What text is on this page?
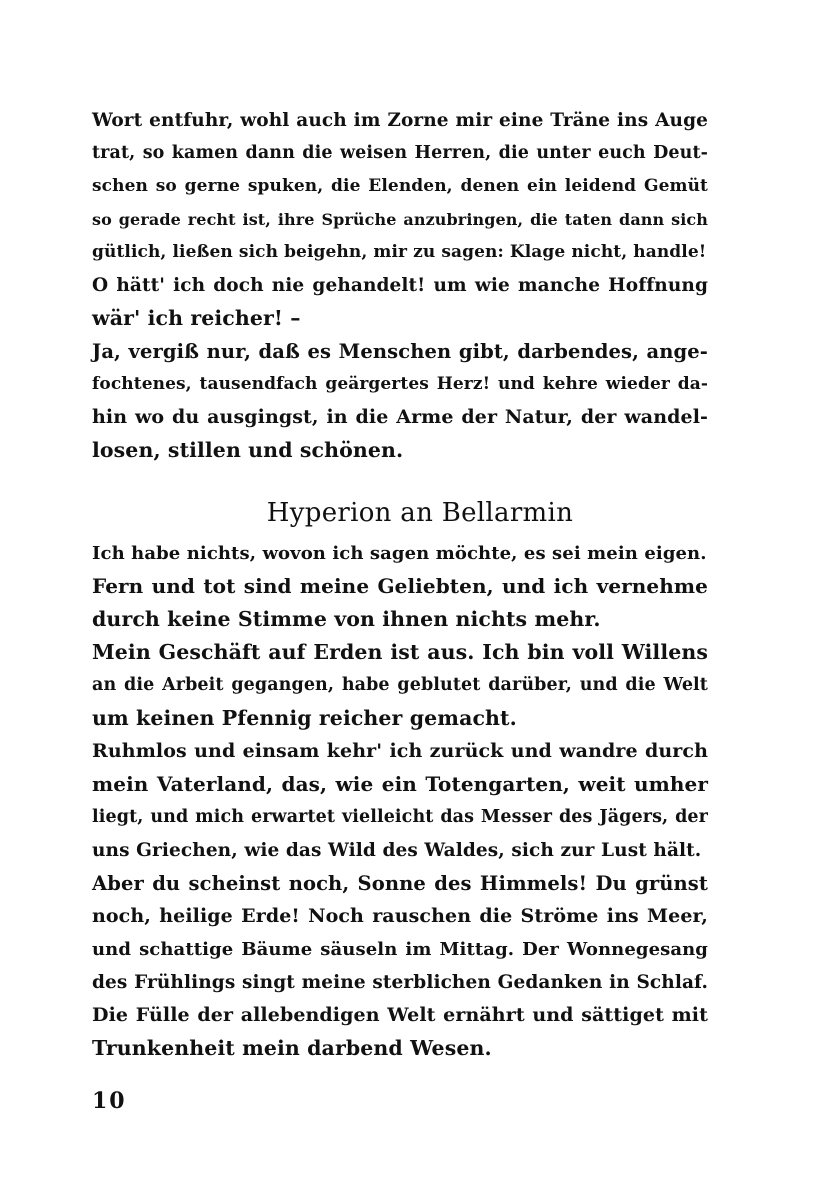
Wort entfuhr, wohl auch im Zorne mir eine Träne ins Auge
trat, so kamen dann die weisen Herren, die unter euch Deut-
schen so gerne spuken, die Elenden, denen ein leidend Gemüt
so gerade recht ist, ihre Sprüche anzubringen, die taten dann sich
gütlich, ließen sich beigehn, mir zu sagen: Klage nicht, handle!
O hätt' ich doch nie gehandelt! um wie manche Hoffnung
wär' ich reicher! –
Ja, vergiß nur, daß es Menschen gibt, darbendes, ange-
fochtenes, tausendfach geärgertes Herz! und kehre wieder da-
hin wo du ausgingst, in die Arme der Natur, der wandel-
losen, stillen und schönen.
Hyperion an Bellarmin
Ich habe nichts, wovon ich sagen möchte, es sei mein eigen.
Fern und tot sind meine Geliebten, und ich vernehme
durch keine Stimme von ihnen nichts mehr.
Mein Geschäft auf Erden ist aus. Ich bin voll Willens
an die Arbeit gegangen, habe geblutet darüber, und die Welt
um keinen Pfennig reicher gemacht.
Ruhmlos und einsam kehr' ich zurück und wandre durch
mein Vaterland, das, wie ein Totengarten, weit umher
liegt, und mich erwartet vielleicht das Messer des Jägers, der
uns Griechen, wie das Wild des Waldes, sich zur Lust hält.
Aber du scheinst noch, Sonne des Himmels! Du grünst
noch, heilige Erde! Noch rauschen die Ströme ins Meer,
und schattige Bäume säuseln im Mittag. Der Wonnegesang
des Frühlings singt meine sterblichen Gedanken in Schlaf.
Die Fülle der allebendigen Welt ernährt und sättiget mit
Trunkenheit mein darbend Wesen.
10
